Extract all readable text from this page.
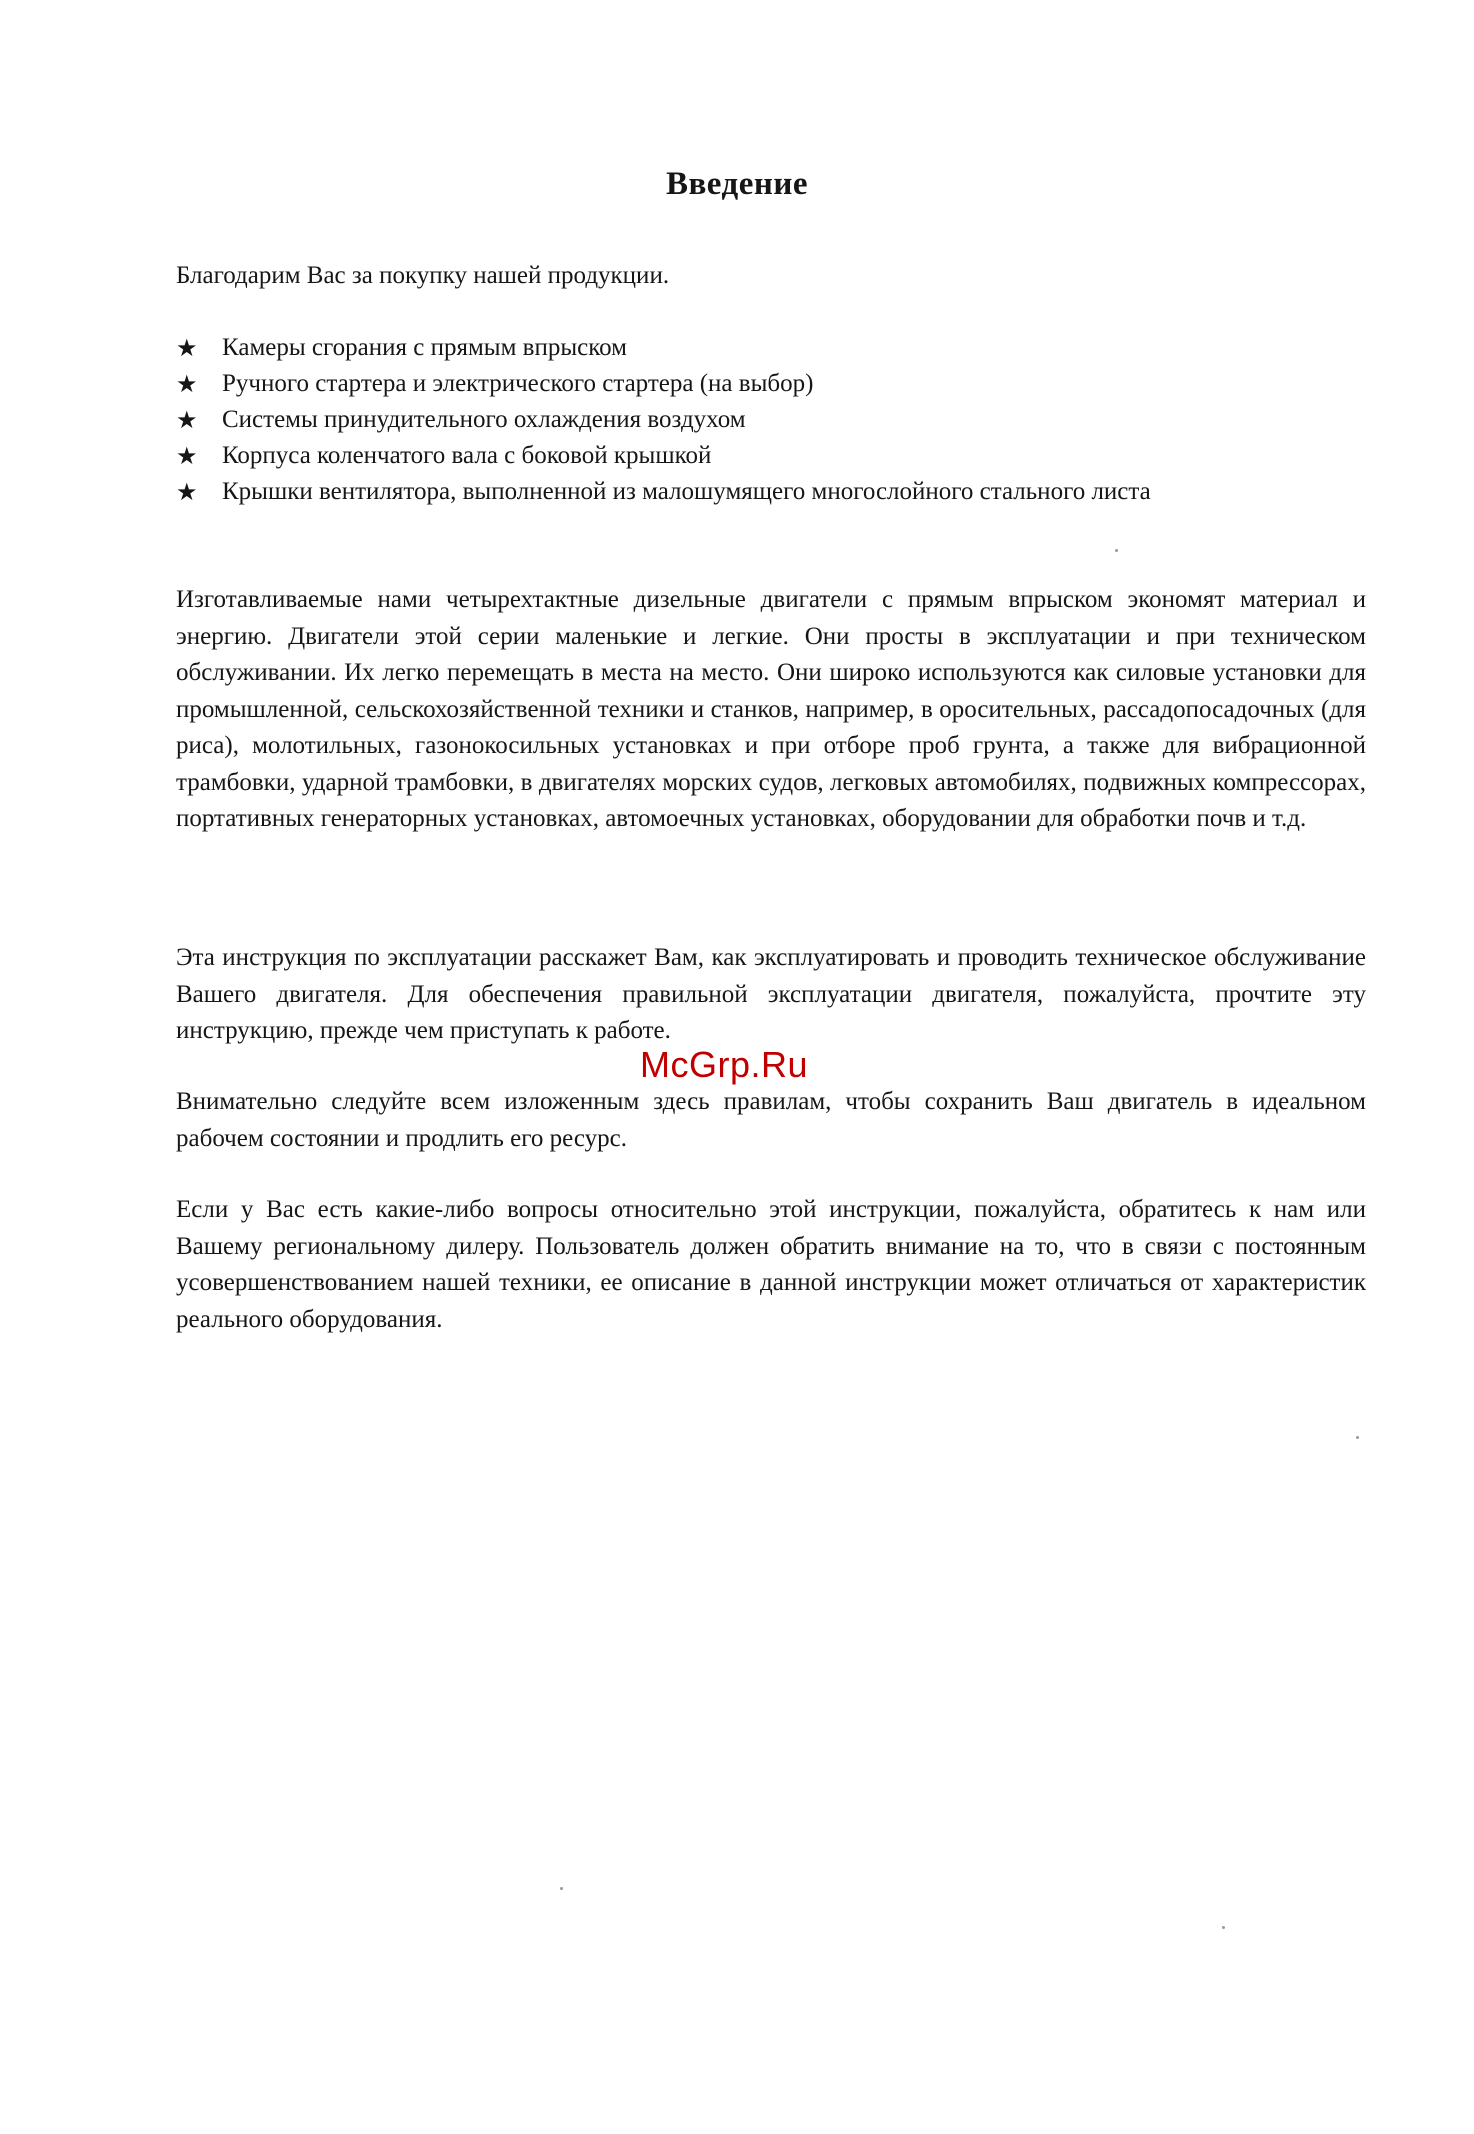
Введение

Благодарим Вас за покупку нашей продукции.

★ Камеры сгорания с прямым впрыском
★ Ручного стартера и электрического стартера (на выбор)
★ Системы принудительного охлаждения воздухом
★ Корпуса коленчатого вала с боковой крышкой
★ Крышки вентилятора, выполненной из малошумящего многослойного стального листа

Изготавливаемые нами четырехтактные дизельные двигатели с прямым впрыском экономят материал и энергию. Двигатели этой серии маленькие и легкие. Они просты в эксплуатации и при техническом обслуживании. Их легко перемещать в места на место. Они широко используются как силовые установки для промышленной, сельскохозяйственной техники и станков, например, в оросительных, рассадопосадочных (для риса), молотильных, газонокосильных установках и при отборе проб грунта, а также для вибрационной трамбовки, ударной трамбовки, в двигателях морских судов, легковых автомобилях, подвижных компрессорах, портативных генераторных установках, автомоечных установках, оборудовании для обработки почв и т.д.

Эта инструкция по эксплуатации расскажет Вам, как эксплуатировать и проводить техническое обслуживание Вашего двигателя. Для обеспечения правильной эксплуатации двигателя, пожалуйста, прочтите эту инструкцию, прежде чем приступать к работе.

Внимательно следуйте всем изложенным здесь правилам, чтобы сохранить Ваш двигатель в идеальном рабочем состоянии и продлить его ресурс.

Если у Вас есть какие-либо вопросы относительно этой инструкции, пожалуйста, обратитесь к нам или Вашему региональному дилеру. Пользователь должен обратить внимание на то, что в связи с постоянным усовершенствованием нашей техники, ее описание в данной инструкции может отличаться от характеристик реального оборудования.

McGrp.Ru
